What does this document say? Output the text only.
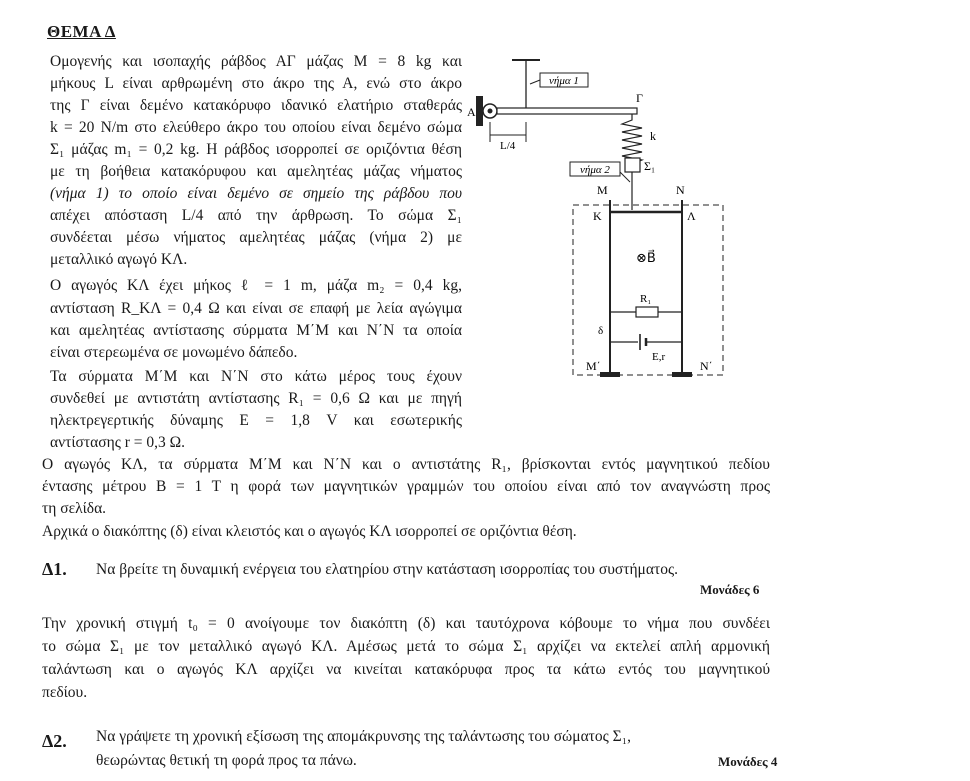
ΘΕΜΑ Δ
Ομογενής και ισοπαχής ράβδος ΑΓ μάζας Μ = 8 kg και
μήκους L είναι αρθρωμένη στο άκρο της Α, ενώ στο άκρο
της Γ είναι δεμένο κατακόρυφο ιδανικό ελατήριο σταθεράς
k = 20 N/m στο ελεύθερο άκρο του οποίου είναι δεμένο σώμα
Σ₁ μάζας m₁ = 0,2 kg. Η ράβδος ισορροπεί σε οριζόντια θέση
με τη βοήθεια κατακόρυφου και αμελητέας μάζας νήματος
(νήμα 1) το οποίο είναι δεμένο σε σημείο της ράβδου που
απέχει απόσταση L/4 από την άρθρωση. Το σώμα Σ₁
συνδέεται μέσω νήματος αμελητέας μάζας (νήμα 2) με
μεταλλικό αγωγό ΚΛ.
Ο αγωγός ΚΛ έχει μήκος ℓ = 1 m, μάζα m₂ = 0,4 kg,
αντίσταση R_ΚΛ = 0,4 Ω και είναι σε επαφή με λεία αγώγιμα
και αμελητέας αντίστασης σύρματα Μ΄Μ και Ν΄Ν τα οποία
είναι στερεωμένα σε μονωμένο δάπεδο.
Τα σύρματα Μ΄Μ και Ν΄Ν στο κάτω μέρος τους έχουν
συνδεθεί με αντιστάτη αντίστασης R₁ = 0,6 Ω και με πηγή
ηλεκτρεγερτικής δύναμης Ε = 1,8 V και εσωτερικής
αντίστασης r = 0,3 Ω.
Ο αγωγός ΚΛ, τα σύρματα Μ΄Μ και Ν΄Ν και ο αντιστάτης R₁, βρίσκονται εντός μαγνητικού πεδίου
έντασης μέτρου Β = 1 Τ η φορά των μαγνητικών γραμμών του οποίου είναι από τον αναγνώστη προς
τη σελίδα.
Αρχικά ο διακόπτης (δ) είναι κλειστός και ο αγωγός ΚΛ ισορροπεί σε οριζόντια θέση.
Δ1. Να βρείτε τη δυναμική ενέργεια του ελατηρίου στην κατάσταση ισορροπίας του συστήματος.
Μονάδες 6
Την χρονική στιγμή t₀ = 0 ανοίγουμε τον διακόπτη (δ) και ταυτόχρονα κόβουμε το νήμα που συνδέει
το σώμα Σ₁ με τον μεταλλικό αγωγό ΚΛ. Αμέσως μετά το σώμα Σ₁ αρχίζει να εκτελεί απλή αρμονική
ταλάντωση και ο αγωγός ΚΛ αρχίζει να κινείται κατακόρυφα προς τα κάτω εντός του μαγνητικού
πεδίου.
Δ2. Να γράψετε τη χρονική εξίσωση της απομάκρυνσης της ταλάντωσης του σώματος Σ₁,
θεωρώντας θετική τη φορά προς τα πάνω.	Μονάδες 4
νήμα 1
Α
Γ
L/4
k
Σ₁
νήμα 2
Μ	Ν
Κ	Λ
⊗B⃗
R₁
δ
Ε,r
Μ΄	Ν΄
